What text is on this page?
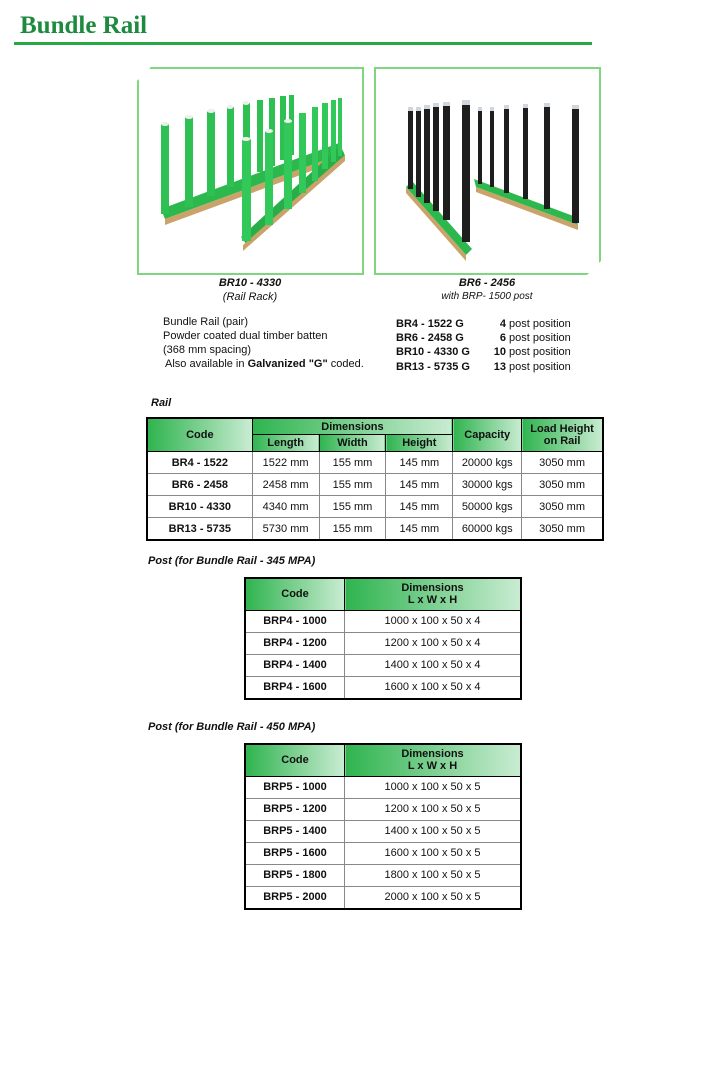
Bundle Rail
BR10 - 4330
(Rail Rack)
BR6 - 2456
with BRP- 1500 post
Bundle Rail (pair)
Powder coated dual timber batten
(368 mm spacing)
Also available in Galvanized "G" coded.
BR4 - 1522 G	4 post position
BR6 - 2458 G	6 post position
BR10 - 4330 G	10 post position
BR13 - 5735 G	13 post position
Rail
Code	Dimensions			Capacity	Load Height on Rail
	Length	Width	Height		
BR4 - 1522	1522 mm	155 mm	145 mm	20000 kgs	3050 mm
BR6 - 2458	2458 mm	155 mm	145 mm	30000 kgs	3050 mm
BR10 - 4330	4340 mm	155 mm	145 mm	50000 kgs	3050 mm
BR13 - 5735	5730 mm	155 mm	145 mm	60000 kgs	3050 mm
Post (for Bundle Rail - 345 MPA)
Code	Dimensions
L x W x H

BRP4 - 1000	1000 x 100 x 50 x 4
BRP4 - 1200	1200 x 100 x 50 x 4
BRP4 - 1400	1400 x 100 x 50 x 4
BRP4 - 1600	1600 x 100 x 50 x 4
Post (for Bundle Rail - 450 MPA)
Code	Dimensions
L x W x H

BRP5 - 1000	1000 x 100 x 50 x 5
BRP5 - 1200	1200 x 100 x 50 x 5
BRP5 - 1400	1400 x 100 x 50 x 5
BRP5 - 1600	1600 x 100 x 50 x 5
BRP5 - 1800	1800 x 100 x 50 x 5
BRP5 - 2000	2000 x 100 x 50 x 5
